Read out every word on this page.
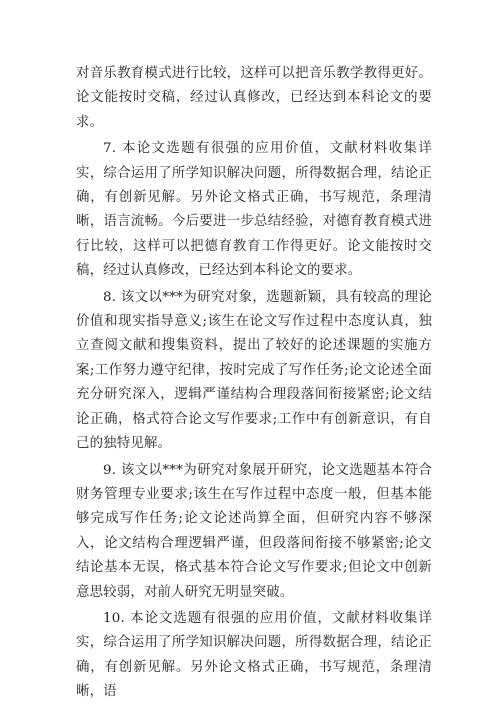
对音乐教育模式进行比较，这样可以把音乐教学教得更好。论文能按时交稿，经过认真修改，已经达到本科论文的要求。

7. 本论文选题有很强的应用价值，文献材料收集详实，综合运用了所学知识解决问题，所得数据合理，结论正确，有创新见解。另外论文格式正确，书写规范，条理清晰，语言流畅。今后要进一步总结经验，对德育教育模式进行比较，这样可以把德育教育工作得更好。论文能按时交稿，经过认真修改，已经达到本科论文的要求。

8. 该文以***为研究对象，选题新颖，具有较高的理论价值和现实指导意义;该生在论文写作过程中态度认真，独立查阅文献和搜集资料，提出了较好的论述课题的实施方案;工作努力遵守纪律，按时完成了写作任务;论文论述全面充分研究深入，逻辑严谨结构合理段落间衔接紧密;论文结论正确，格式符合论文写作要求;工作中有创新意识，有自己的独特见解。

9. 该文以***为研究对象展开研究，论文选题基本符合财务管理专业要求;该生在写作过程中态度一般，但基本能够完成写作任务;论文论述尚算全面，但研究内容不够深入，论文结构合理逻辑严谨，但段落间衔接不够紧密;论文结论基本无误，格式基本符合论文写作要求;但论文中创新意思较弱，对前人研究无明显突破。

10. 本论文选题有很强的应用价值，文献材料收集详实，综合运用了所学知识解决问题，所得数据合理，结论正确，有创新见解。另外论文格式正确，书写规范，条理清晰，语
